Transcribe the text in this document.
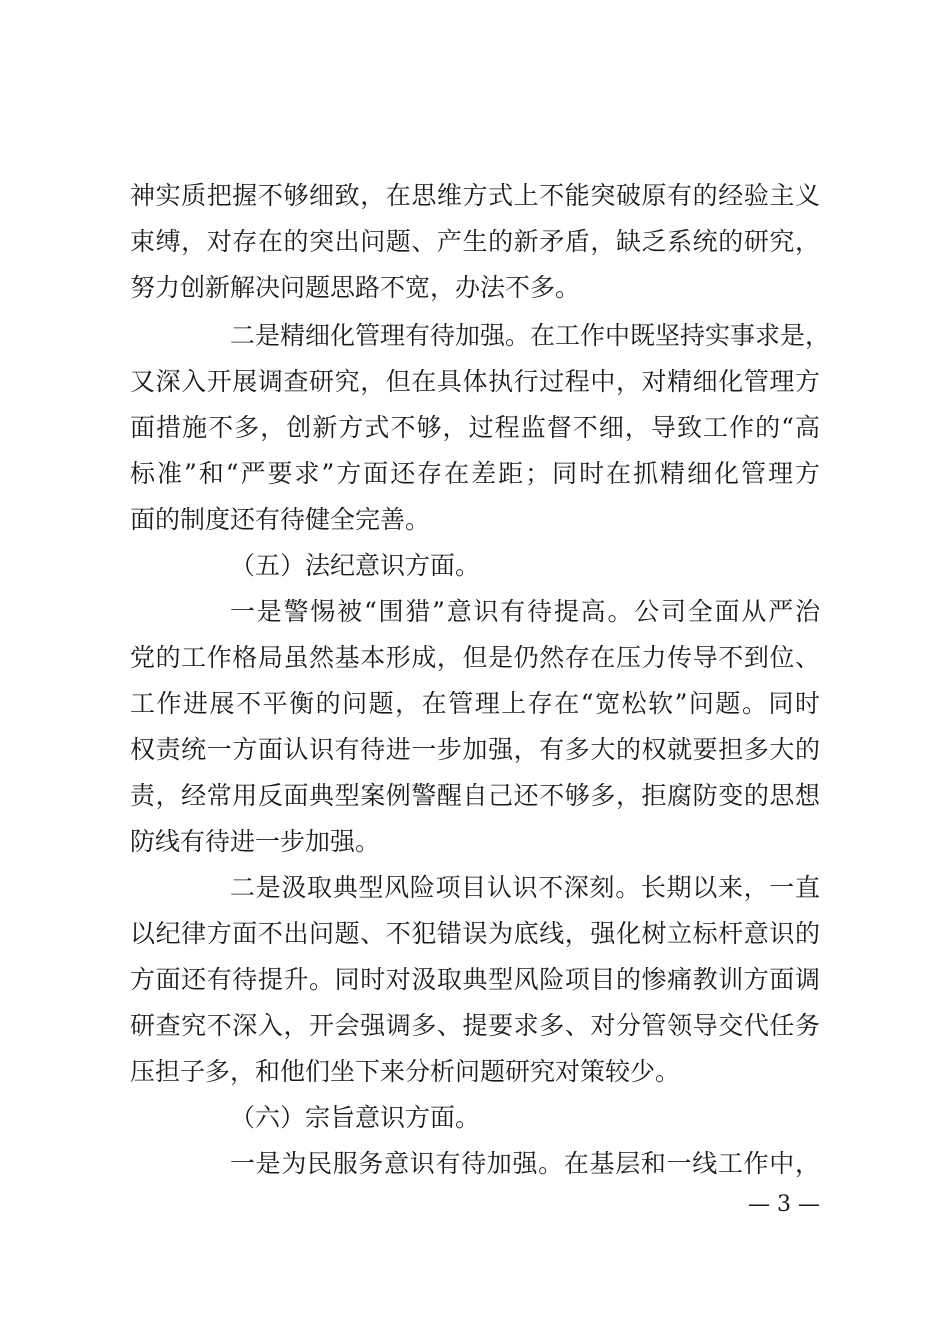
神实质把握不够细致，在思维方式上不能突破原有的经验主义
束缚，对存在的突出问题、产生的新矛盾，缺乏系统的研究，
努力创新解决问题思路不宽，办法不多。
二是精细化管理有待加强。在工作中既坚持实事求是，
又深入开展调查研究，但在具体执行过程中，对精细化管理方
面措施不多，创新方式不够，过程监督不细，导致工作的“高
标准”和“严要求”方面还存在差距；同时在抓精细化管理方
面的制度还有待健全完善。
（五）法纪意识方面。
一是警惕被“围猎”意识有待提高。公司全面从严治
党的工作格局虽然基本形成，但是仍然存在压力传导不到位、
工作进展不平衡的问题，在管理上存在“宽松软”问题。同时
权责统一方面认识有待进一步加强，有多大的权就要担多大的
责，经常用反面典型案例警醒自己还不够多，拒腐防变的思想
防线有待进一步加强。
二是汲取典型风险项目认识不深刻。长期以来，一直
以纪律方面不出问题、不犯错误为底线，强化树立标杆意识的
方面还有待提升。同时对汲取典型风险项目的惨痛教训方面调
研查究不深入，开会强调多、提要求多、对分管领导交代任务
压担子多，和他们坐下来分析问题研究对策较少。
（六）宗旨意识方面。
一是为民服务意识有待加强。在基层和一线工作中，
— 3 —
